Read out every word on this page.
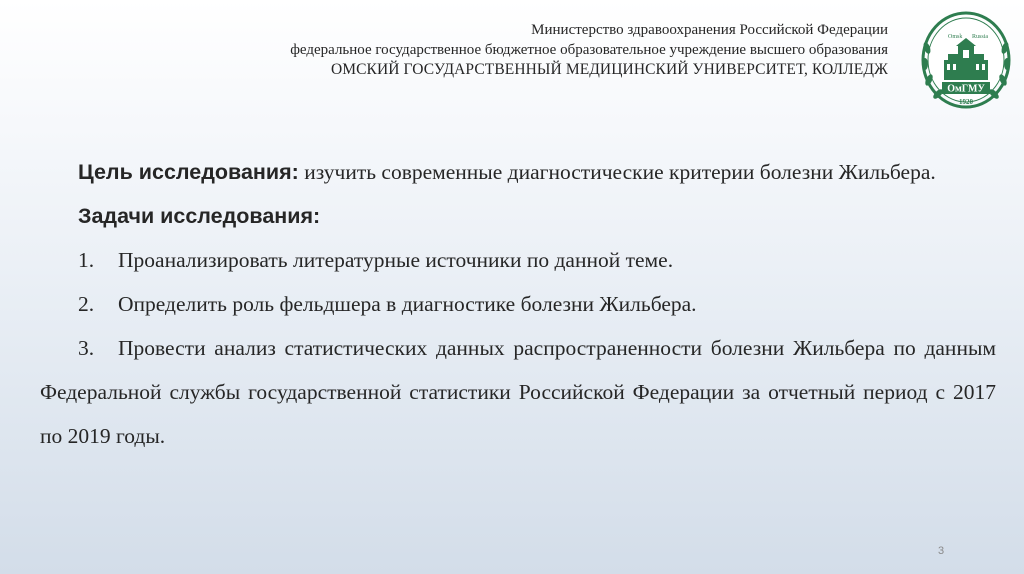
Министерство здравоохранения Российской Федерации
федеральное государственное бюджетное образовательное учреждение высшего образования
ОМСКИЙ ГОСУДАРСТВЕННЫЙ МЕДИЦИНСКИЙ УНИВЕРСИТЕТ, КОЛЛЕДЖ
Omsk Russia
ОмГМУ
1920
Цель исследования: изучить современные диагностические критерии болезни Жильбера.
Задачи исследования:
1.	Проанализировать литературные источники по данной теме.
2.	Определить роль фельдшера в диагностике болезни Жильбера.
3. Провести анализ статистических данных распространенности болезни Жильбера по данным Федеральной службы государственной статистики Российской Федерации за отчетный период с 2017 по 2019 годы.
3
